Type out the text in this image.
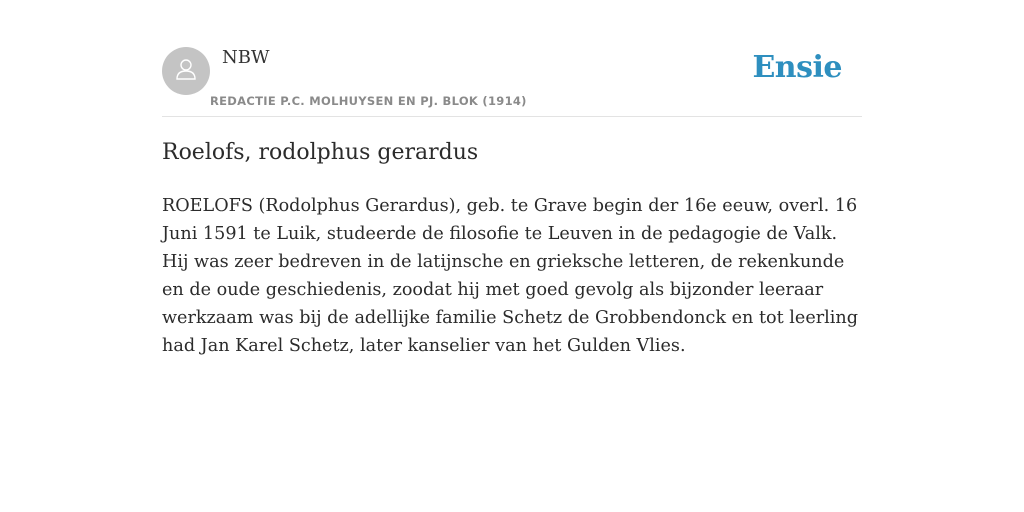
NBW
REDACTIE P.C. MOLHUYSEN EN PJ. BLOK (1914)
Ensie
Roelofs, rodolphus gerardus

ROELOFS (Rodolphus Gerardus), geb. te Grave begin der 16e eeuw, overl. 16 Juni 1591 te Luik, studeerde de filosofie te Leuven in de pedagogie de Valk. Hij was zeer bedreven in de latijnsche en grieksche letteren, de rekenkunde en de oude geschiedenis, zoodat hij met goed gevolg als bijzonder leeraar werkzaam was bij de adellijke familie Schetz de Grobbendonck en tot leerling had Jan Karel Schetz, later kanselier van het Gulden Vlies.
